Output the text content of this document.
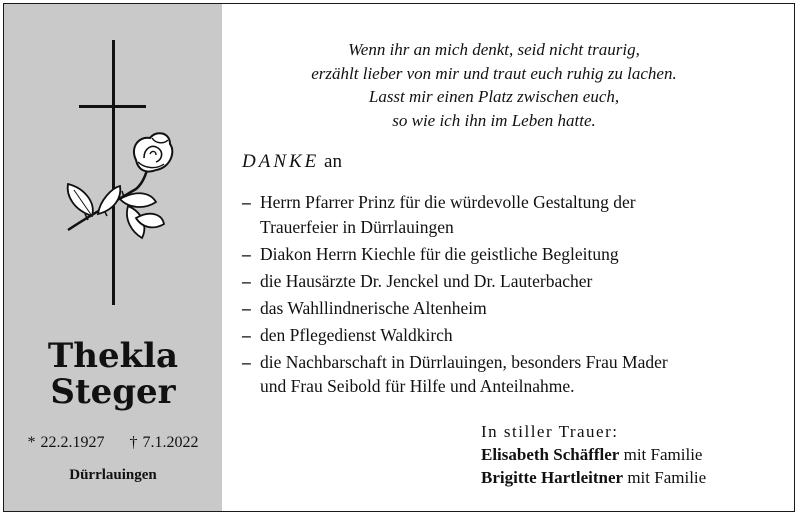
Thekla
Steger
* 22.2.1927 † 7.1.2022
Dürrlauingen
Wenn ihr an mich denkt, seid nicht traurig,
erzählt lieber von mir und traut euch ruhig zu lachen.
Lasst mir einen Platz zwischen euch,
so wie ich ihn im Leben hatte.
DANKE an
– Herrn Pfarrer Prinz für die würdevolle Gestaltung der
Trauerfeier in Dürrlauingen
– Diakon Herrn Kiechle für die geistliche Begleitung
– die Hausärzte Dr. Jenckel und Dr. Lauterbacher
– das Wahllindnerische Altenheim
– den Pflegedienst Waldkirch
– die Nachbarschaft in Dürrlauingen, besonders Frau Mader
und Frau Seibold für Hilfe und Anteilnahme.
In stiller Trauer:
Elisabeth Schäffler mit Familie
Brigitte Hartleitner mit Familie
